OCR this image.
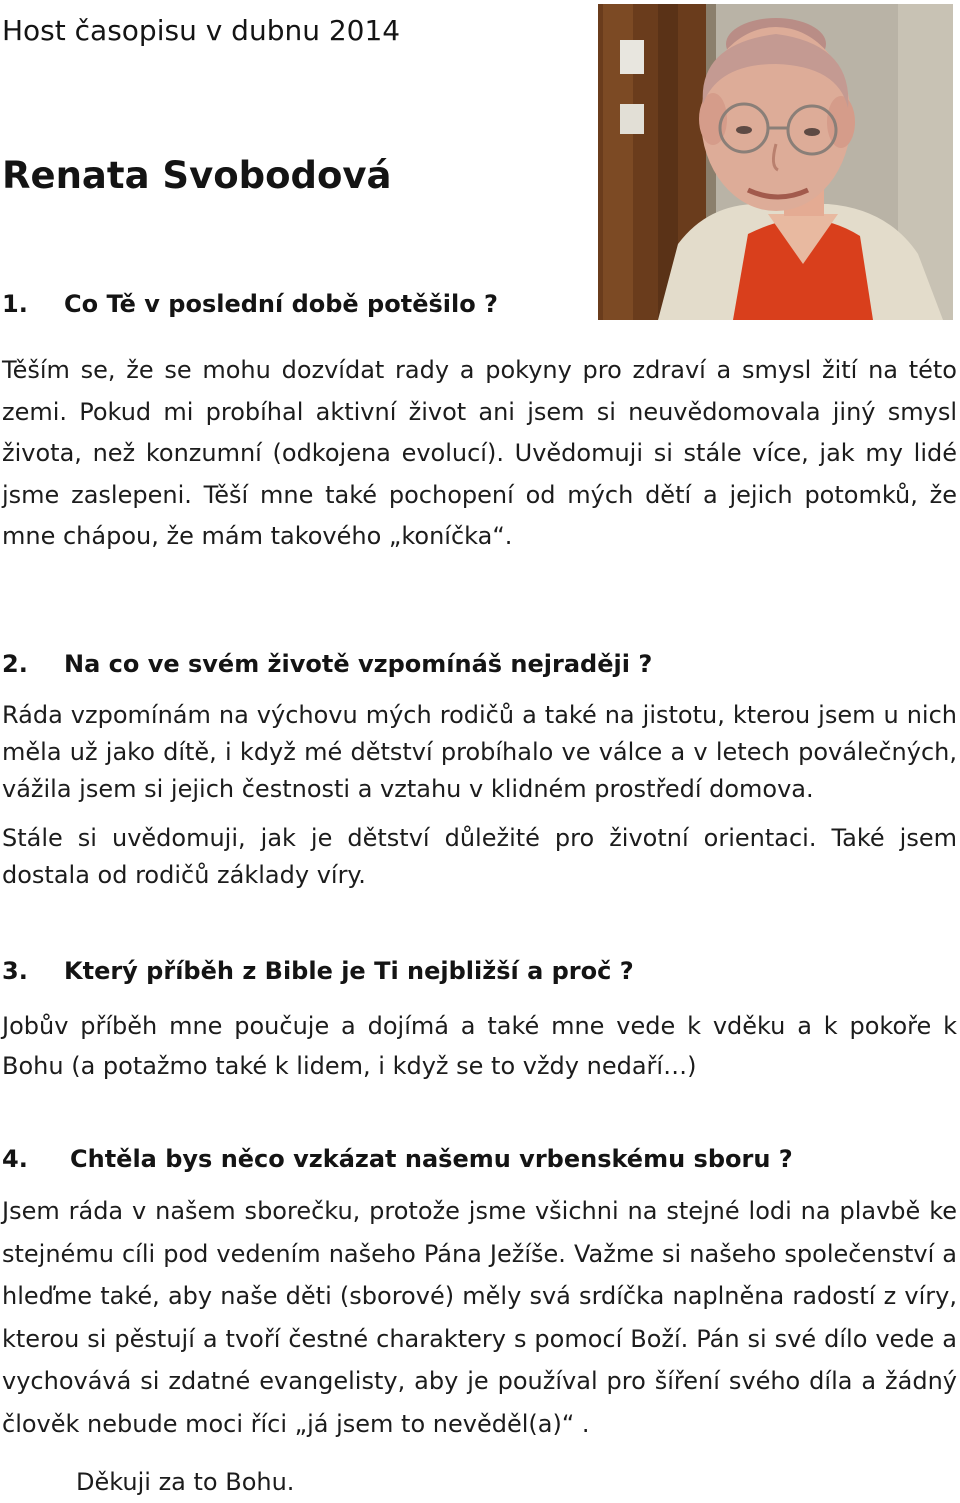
Host časopisu v dubnu 2014

Renata Svobodová
1.	Co Tě v poslední době potěšilo ?

Těším se, že se mohu dozvídat rady a pokyny pro zdraví a smysl žití na této zemi. Pokud mi probíhal aktivní život ani jsem si neuvědomovala jiný smysl života, než konzumní (odkojena evolucí). Uvědomuji si stále více, jak my lidé jsme zaslepeni. Těší mne také pochopení od mých dětí a jejich potomků, že mne chápou, že mám takového „koníčka“.

2.	Na co ve svém životě vzpomínáš nejraději ?

Ráda vzpomínám na výchovu mých rodičů a také na jistotu, kterou jsem u nich měla už jako dítě, i když mé dětství probíhalo ve válce a v letech poválečných, vážila jsem si jejich čestnosti a vztahu v klidném prostředí domova.

Stále si uvědomuji, jak je dětství důležité pro životní orientaci. Také jsem dostala od rodičů základy víry.

3.	Který příběh z Bible je Ti nejbližší a proč ?

Jobův příběh mne poučuje a dojímá a také mne vede k vděku a k pokoře k Bohu (a potažmo také k lidem, i když se to vždy nedaří…)

4.	Chtěla bys něco vzkázat našemu vrbenskému sboru ?

Jsem ráda v našem sborečku, protože jsme všichni na stejné lodi na plavbě ke stejnému cíli pod vedením našeho Pána Ježíše. Važme si našeho společenství a hleďme také, aby naše děti (sborové) měly svá srdíčka naplněna radostí z víry, kterou si pěstují a tvoří čestné charaktery s pomocí Boží. Pán si své dílo vede a vychovává si zdatné evangelisty, aby je používal pro šíření svého díla a žádný člověk nebude moci říci „já jsem to nevěděl(a)“ .

Děkuji za to Bohu.
